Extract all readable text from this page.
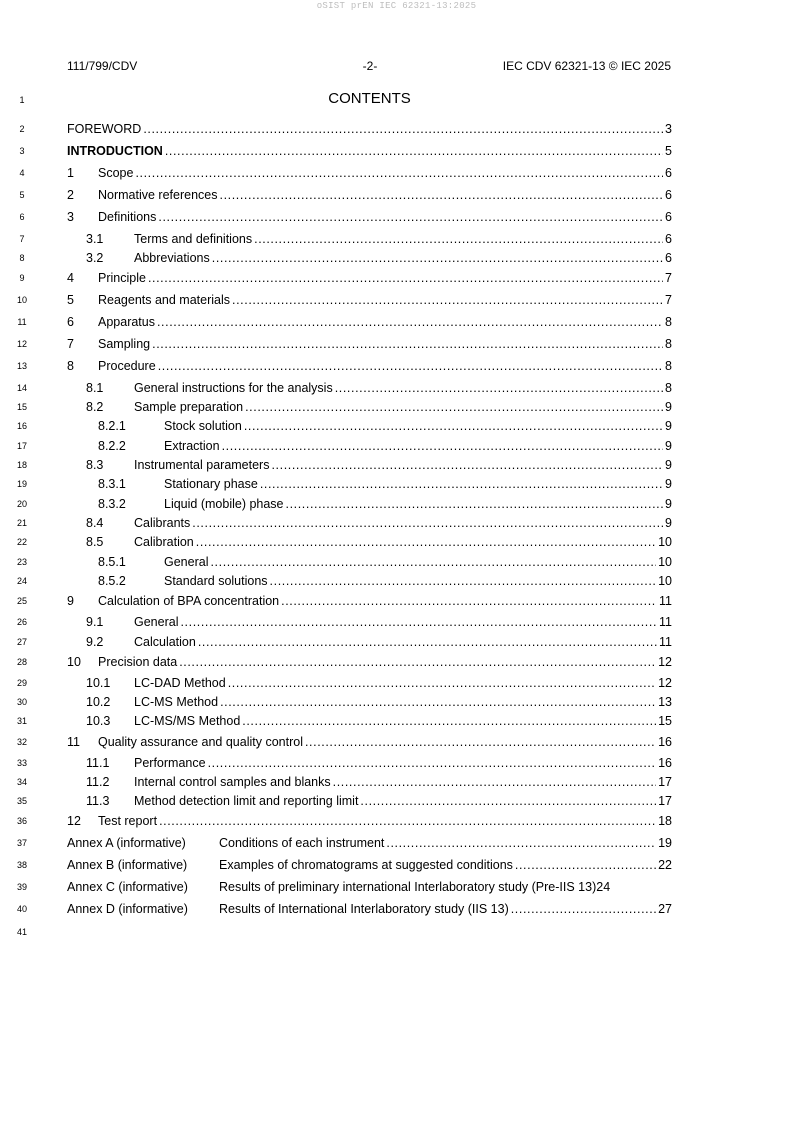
oSIST prEN IEC 62321-13:2025
111/799/CDV	-2-	IEC CDV 62321-13 © IEC 2025
1	CONTENTS
2	FOREWORD .....	3
3	INTRODUCTION .....	5
4	1	Scope .....	6
5	2	Normative references .....	6
6	3	Definitions .....	6
7	3.1	Terms and definitions .....	6
8	3.2	Abbreviations .....	6
9	4	Principle .....	7
10	5	Reagents and materials .....	7
11	6	Apparatus .....	8
12	7	Sampling .....	8
13	8	Procedure .....	8
14	8.1	General instructions for the analysis .....	8
15	8.2	Sample preparation .....	9
16	8.2.1	Stock solution .....	9
17	8.2.2	Extraction .....	9
18	8.3	Instrumental parameters .....	9
19	8.3.1	Stationary phase .....	9
20	8.3.2	Liquid (mobile) phase .....	9
21	8.4	Calibrants .....	9
22	8.5	Calibration .....	10
23	8.5.1	General .....	10
24	8.5.2	Standard solutions .....	10
25	9	Calculation of BPA concentration .....	11
26	9.1	General .....	11
27	9.2	Calculation .....	11
28	10	Precision data .....	12
29	10.1	LC-DAD Method .....	12
30	10.2	LC-MS Method .....	13
31	10.3	LC-MS/MS Method .....	15
32	11	Quality assurance and quality control .....	16
33	11.1	Performance .....	16
34	11.2	Internal control samples and blanks .....	17
35	11.3	Method detection limit and reporting limit .....	17
36	12	Test report .....	18
37	Annex A (informative)	Conditions of each instrument .....	19
38	Annex B (informative)	Examples of chromatograms at suggested conditions .....	22
39	Annex C (informative)	Results of preliminary international Interlaboratory study (Pre-IIS 13) 24
40	Annex D (informative)	Results of International Interlaboratory study (IIS 13) .....	27
41
